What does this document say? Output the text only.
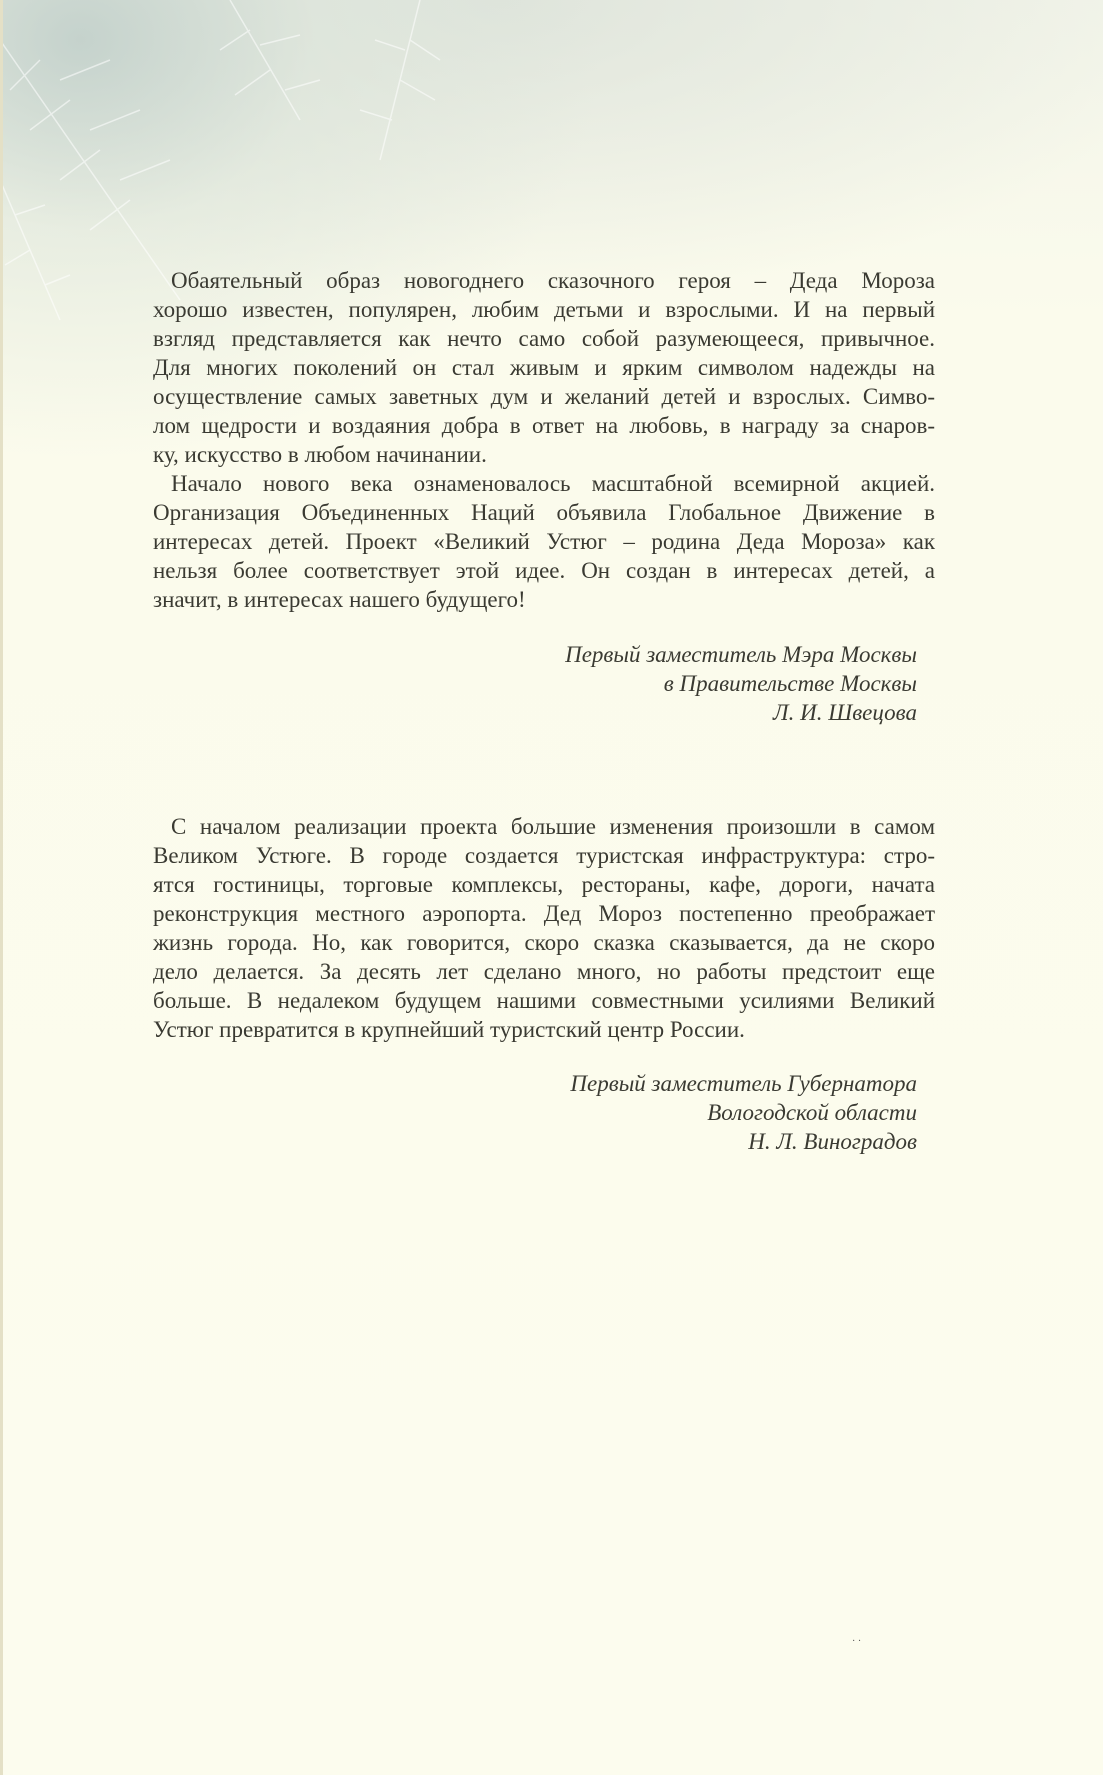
Обаятельный образ новогоднего сказочного героя – Деда Мороза
хорошо известен, популярен, любим детьми и взрослыми. И на первый
взгляд представляется как нечто само собой разумеющееся, привычное.
Для многих поколений он стал живым и ярким символом надежды на
осуществление самых заветных дум и желаний детей и взрослых. Симво-
лом щедрости и воздаяния добра в ответ на любовь, в награду за снаров-
ку, искусство в любом начинании.
Начало нового века ознаменовалось масштабной всемирной акцией.
Организация Объединенных Наций объявила Глобальное Движение в
интересах детей. Проект «Великий Устюг – родина Деда Мороза» как
нельзя более соответствует этой идее. Он создан в интересах детей, а
значит, в интересах нашего будущего!
Первый заместитель Мэра Москвы
в Правительстве Москвы
Л. И. Швецова
С началом реализации проекта большие изменения произошли в самом
Великом Устюге. В городе создается туристская инфраструктура: стро-
ятся гостиницы, торговые комплексы, рестораны, кафе, дороги, начата
реконструкция местного аэропорта. Дед Мороз постепенно преображает
жизнь города. Но, как говорится, скоро сказка сказывается, да не скоро
дело делается. За десять лет сделано много, но работы предстоит еще
больше. В недалеком будущем нашими совместными усилиями Великий
Устюг превратится в крупнейший туристский центр России.
Первый заместитель Губернатора
Вологодской области
Н. Л. Виноградов
· ·
